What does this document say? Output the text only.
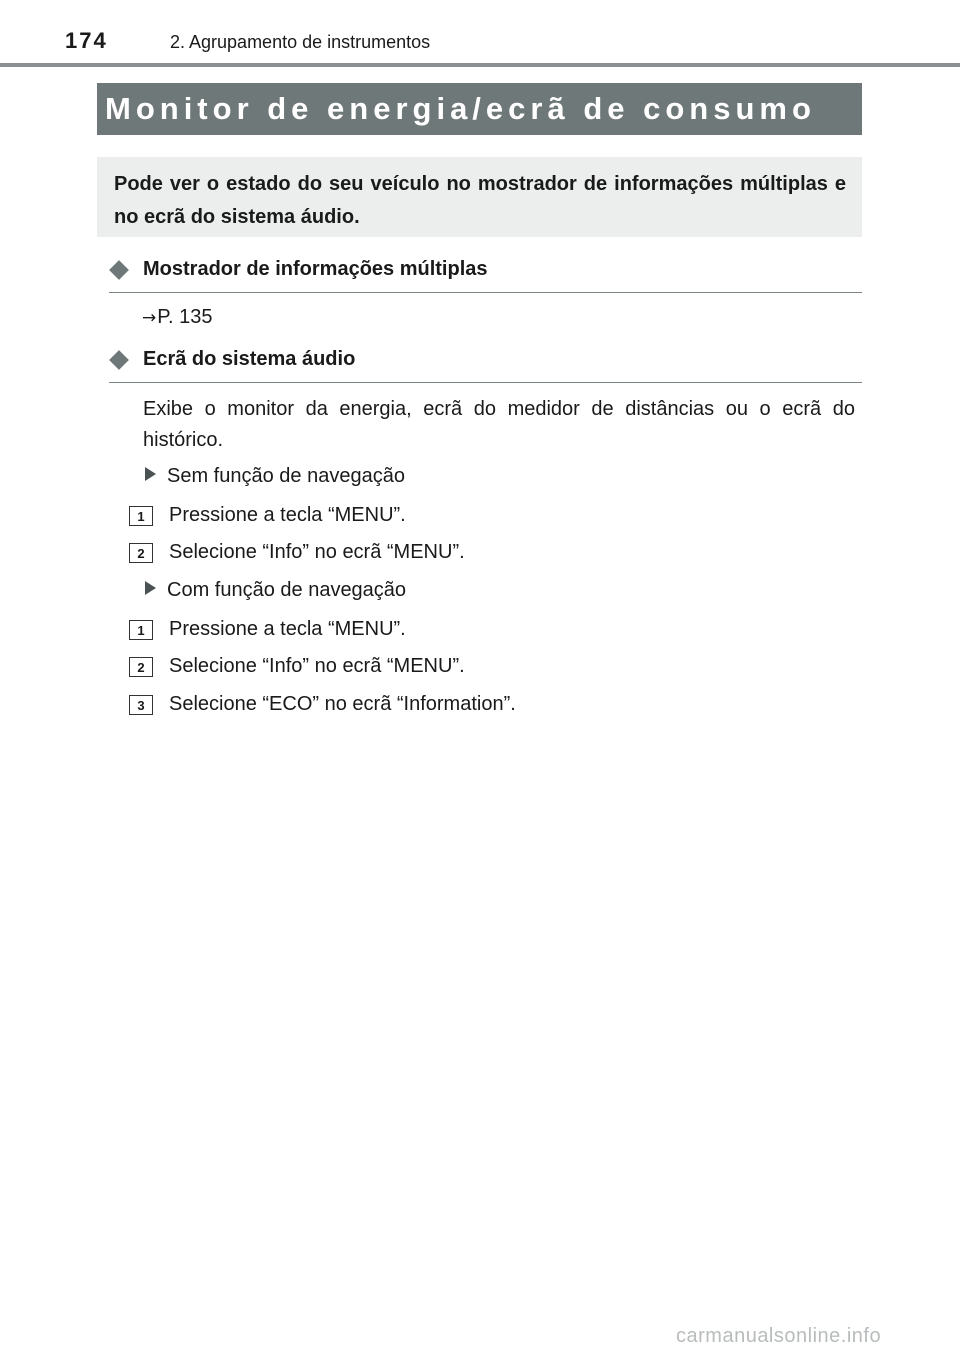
174	2. Agrupamento de instrumentos
Monitor de energia/ecrã de consumo
Pode ver o estado do seu veículo no mostrador de informações múltiplas e no ecrã do sistema áudio.
Mostrador de informações múltiplas
→P. 135
Ecrã do sistema áudio
Exibe o monitor da energia, ecrã do medidor de distâncias ou o ecrã do histórico.
Sem função de navegação
1	Pressione a tecla “MENU”.
2	Selecione “Info” no ecrã “MENU”.
Com função de navegação
1	Pressione a tecla “MENU”.
2	Selecione “Info” no ecrã “MENU”.
3	Selecione “ECO” no ecrã “Information”.
carmanualsonline.info
